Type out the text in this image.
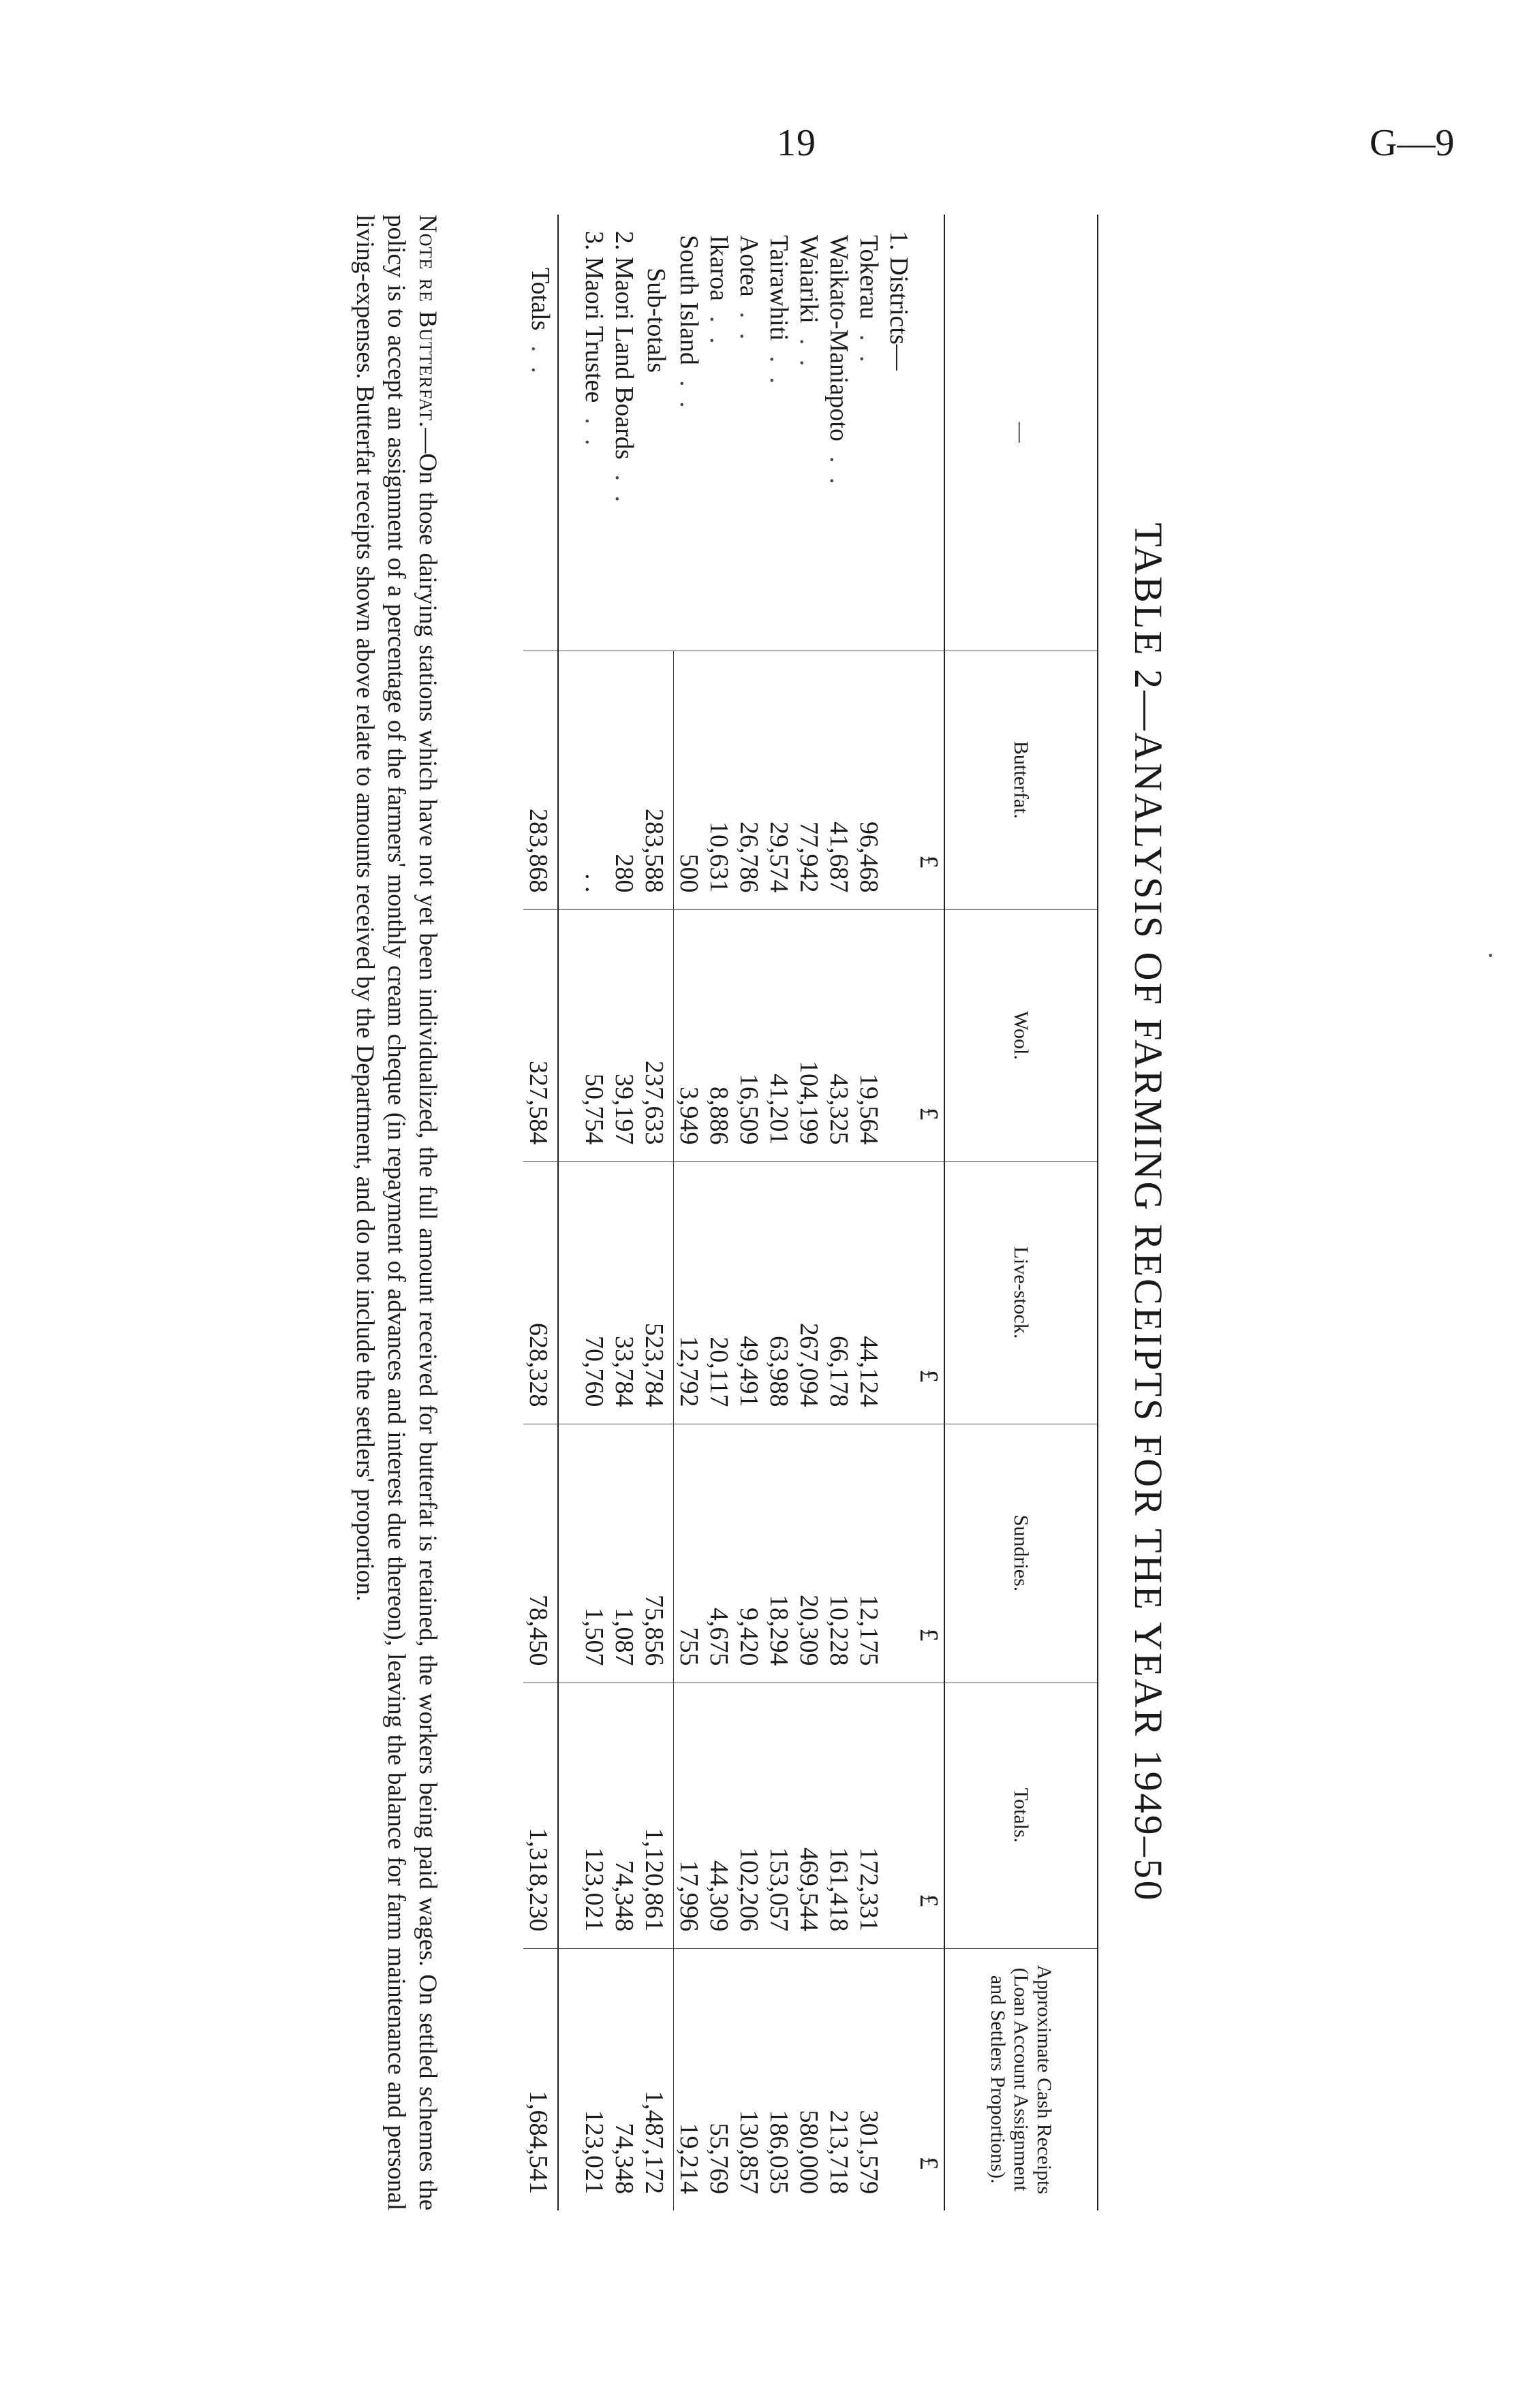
19	G—9
TABLE 2—ANALYSIS OF FARMING RECEIPTS FOR THE YEAR 1949–50
—	Butterfat.	Wool.	Live-stock.	Sundries.	Totals.	Approximate Cash Receipts (Loan Account Assignment and Settlers Proportions).
	£	£	£	£	£	£
1. Districts—						
Tokerau. .	96,468	19,564	44,124	12,175	172,331	301,579
Waikato-Maniapoto. .	41,687	43,325	66,178	10,228	161,418	213,718
Waiariki. .	77,942	104,199	267,094	20,309	469,544	580,000
Tairawhiti. .	29,574	41,201	63,988	18,294	153,057	186,035
Aotea. .	26,786	16,509	49,491	9,420	102,206	130,857
Ikaroa. .	10,631	8,886	20,117	4,675	44,309	55,769
South Island. .	500	3,949	12,792	755	17,996	19,214
Sub-totals	283,588	237,633	523,784	75,856	1,120,861	1,487,172
2. Maori Land Boards. .	280	39,197	33,784	1,087	74,348	74,348
3. Maori Trustee. .	. .	50,754	70,760	1,507	123,021	123,021

Totals. .	283,868	327,584	628,328	78,450	1,318,230	1,684,541
Note re Butterfat.—On those dairying stations which have not yet been individualized, the full amount received for butterfat is retained, the workers being paid wages. On settled schemes the policy is to accept an assignment of a percentage of the farmers' monthly cream cheque (in repayment of advances and interest due thereon), leaving the balance for farm maintenance and personal living-expenses. Butterfat receipts shown above relate to amounts received by the Department, and do not include the settlers' proportion.
